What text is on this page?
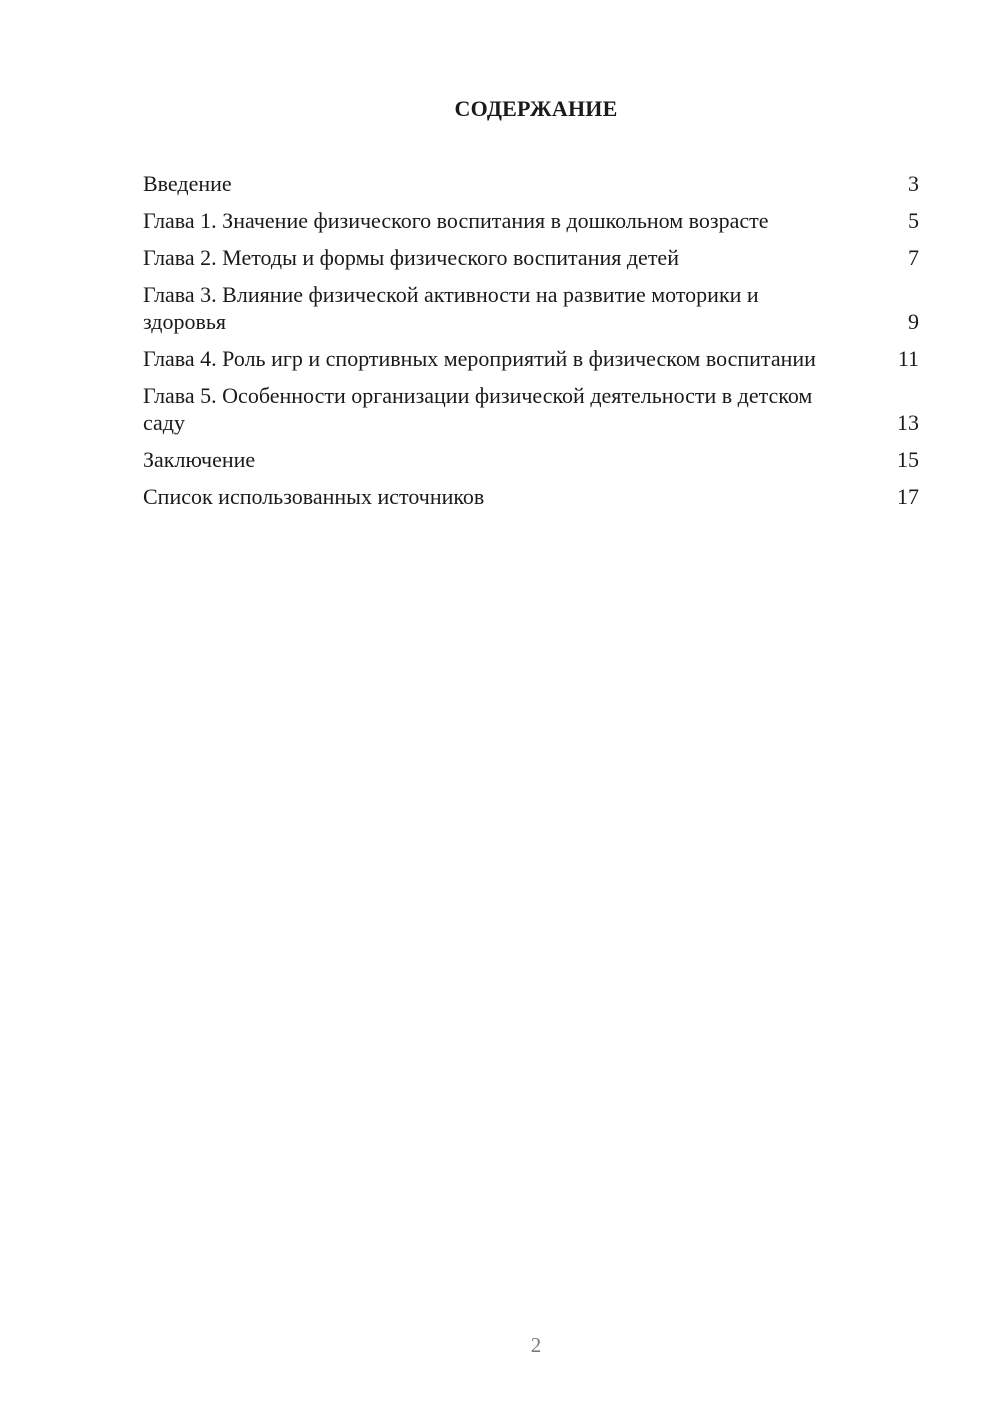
СОДЕРЖАНИЕ
Введение	3
Глава 1. Значение физического воспитания в дошкольном возрасте	5
Глава 2. Методы и формы физического воспитания детей	7
Глава 3. Влияние физической активности на развитие моторики и здоровья	9
Глава 4. Роль игр и спортивных мероприятий в физическом воспитании	11
Глава 5. Особенности организации физической деятельности в детском саду	13
Заключение	15
Список использованных источников	17
2
